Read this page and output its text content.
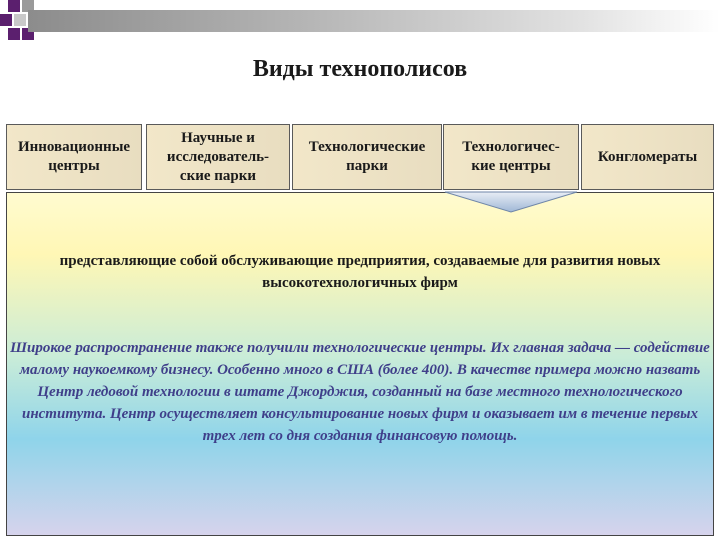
Виды технополисов
Инновационные
центры
Научные и
исследователь-
ские парки
Технологические
парки
Технологичес-
кие центры
Конгломераты
представляющие собой обслуживающие предприятия, создаваемые для развития новых высокотехнологичных фирм
Широкое распространение также получили технологические центры. Их главная задача — содействие малому наукоемкому бизнесу. Особенно много в США (более 400). В качестве примера можно назвать Центр ледовой технологии в штате Джорджия, созданный на базе местного технологического института. Центр осуществляет консультирование новых фирм и оказывает им в течение первых трех лет со дня создания финансовую помощь.
